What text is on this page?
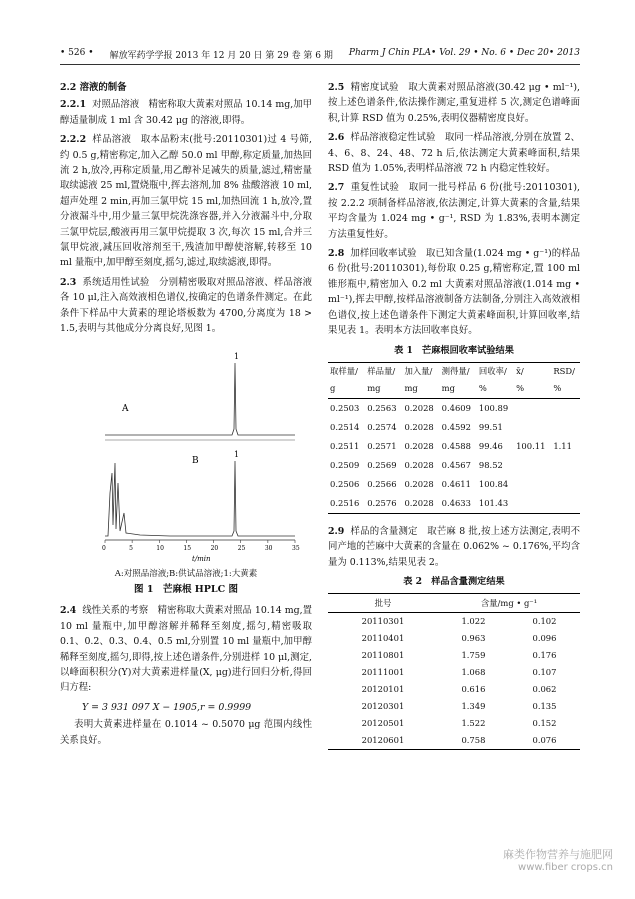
• 526 • 解放军药学学报 2013 年 12 月 20 日 第 29 卷 第 6 期 Pharm J Chin PLA• Vol. 29 • No. 6 • Dec 20• 2013
2.2 溶液的制备
2.2.1 对照品溶液　精密称取大黄素对照品 10.14 mg,加甲醇适量制成 1 ml 含 30.42 μg 的溶液,即得。
2.2.2 样品溶液　取本品粉末(批号:20110301)过 4 号筛,约 0.5 g,精密称定,加入乙醇 50.0 ml 甲醇,称定质量,加热回流 2 h,放冷,再称定质量,用乙醇补足减失的质量,滤过,精密量取续滤液 25 ml,置烧瓶中,挥去溶剂,加 8% 盐酸溶液 10 ml,超声处理 2 min,再加三氯甲烷 15 ml,加热回流 1 h,放冷,置分液漏斗中,用少量三氯甲烷洗涤容器,并入分液漏斗中,分取三氯甲烷层,酸液再用三氯甲烷提取 3 次,每次 15 ml,合并三氯甲烷液,减压回收溶剂至干,残渣加甲醇使溶解,转移至 10 ml 量瓶中,加甲醇至刻度,摇匀,滤过,取续滤液,即得。
2.3 系统适用性试验　分别精密吸取对照品溶液、样品溶液各 10 μl,注入高效液相色谱仪,按确定的色谱条件测定。在此条件下样品中大黄素的理论塔板数为 4700,分离度为 18 > 1.5,表明与其他成分分离良好,见图 1。
A
1
B
1
0	5	10	15	20	25	30	35
t/min
A:对照品溶液;B:供试品溶液;1:大黄素
图 1　芒麻根 HPLC 图
2.4 线性关系的考察　精密称取大黄素对照品 10.14 mg,置 10 ml 量瓶中,加甲醇溶解并稀释至刻度,摇匀,精密吸取 0.1、0.2、0.3、0.4、0.5 ml,分别置 10 ml 量瓶中,加甲醇稀释至刻度,摇匀,即得,按上述色谱条件,分别进样 10 μl,测定,以峰面积积分(Y)对大黄素进样量(X, μg)进行回归分析,得回归方程:
Y = 3 931 097 X − 1905,r = 0.9999
表明大黄素进样量在 0.1014 ~ 0.5070 μg 范围内线性关系良好。
2.5 精密度试验　取大黄素对照品溶液(30.42 μg • ml⁻¹),按上述色谱条件,依法操作测定,重复进样 5 次,测定色谱峰面积,计算 RSD 值为 0.25%,表明仪器精密度良好。
2.6 样品溶液稳定性试验　取同一样品溶液,分别在放置 2、4、6、8、24、48、72 h 后,依法测定大黄素峰面积,结果 RSD 值为 1.05%,表明样品溶液 72 h 内稳定性较好。
2.7 重复性试验　取同一批号样品 6 份(批号:20110301),按 2.2.2 项制备样品溶液,依法测定,计算大黄素的含量,结果平均含量为 1.024 mg • g⁻¹, RSD 为 1.83%,表明本测定方法重复性好。
2.8 加样回收率试验　取已知含量(1.024 mg • g⁻¹)的样品 6 份(批号:20110301),每份取 0.25 g,精密称定,置 100 ml 锥形瓶中,精密加入 0.2 ml 大黄素对照品溶液(1.014 mg • ml⁻¹),挥去甲醇,按样品溶液制备方法制备,分别注入高效液相色谱仪,按上述色谱条件下测定大黄素峰面积,计算回收率,结果见表 1。表明本方法回收率良好。
表 1　芒麻根回收率试验结果
取样量/	样品量/	加入量/	测得量/	回收率/	x̄/	RSD/
g	mg	mg	mg	%	%	%
0.2503	0.2563	0.2028	0.4609	100.89		
0.2514	0.2574	0.2028	0.4592	99.51		
0.2511	0.2571	0.2028	0.4588	99.46	100.11	1.11
0.2509	0.2569	0.2028	0.4567	98.52		
0.2506	0.2566	0.2028	0.4611	100.84		
0.2516	0.2576	0.2028	0.4633	101.43		
2.9 样品的含量测定　取芒麻 8 批,按上述方法测定,表明不同产地的芒麻中大黄素的含量在 0.062% ~ 0.176%,平均含量为 0.113%,结果见表 2。
表 2　样品含量测定结果
批号	含量/mg • g⁻¹	
20110301	1.022	0.102
20110401	0.963	0.096
20110801	1.759	0.176
20111001	1.068	0.107
20120101	0.616	0.062
20120301	1.349	0.135
20120501	1.522	0.152
20120601	0.758	0.076
麻类作物营养与施肥网
www.fiber crops.cn
